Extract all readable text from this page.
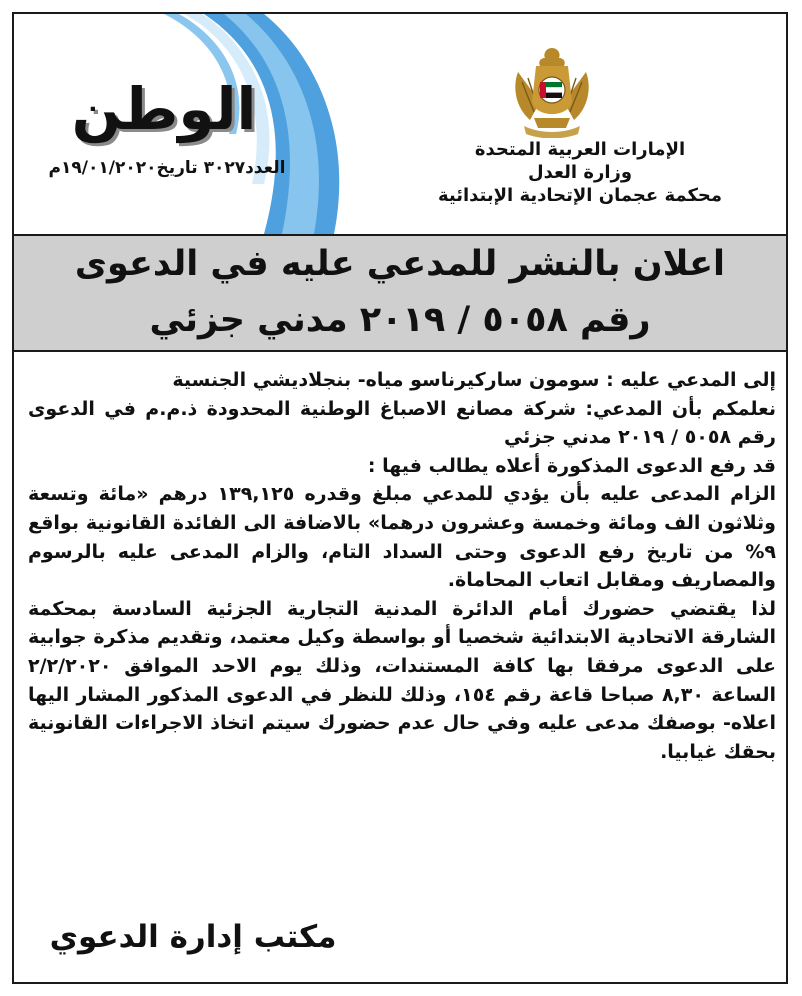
الوطن
العدد٣٠٢٧ تاريخ١٩/٠١/٢٠٢٠م
الإمارات العربية المتحدة
وزارة العدل
محكمة عجمان الإتحادية الإبتدائية
اعلان بالنشر للمدعي عليه في الدعوى
رقم ٥٠٥٨ / ٢٠١٩ مدني جزئي

إلى المدعي عليه : سومون ساركيرناسو مياه- بنجلاديشي الجنسية

نعلمكم بأن المدعي: شركة مصانع الاصباغ الوطنية المحدودة ذ.م.م في الدعوى رقم ٥٠٥٨ / ٢٠١٩ مدني جزئي

قد رفع الدعوى المذكورة أعلاه يطالب فيها :

الزام المدعى عليه بأن يؤدي للمدعي مبلغ وقدره ١٣٩,١٢٥ درهم «مائة وتسعة وثلاثون الف ومائة وخمسة وعشرون درهما» بالاضافة الى الفائدة القانونية بواقع ٩% من تاريخ رفع الدعوى وحتى السداد التام، والزام المدعى عليه بالرسوم والمصاريف ومقابل اتعاب المحاماة.

لذا يقتضي حضورك أمام الدائرة المدنية التجارية الجزئية السادسة بمحكمة الشارقة الاتحادية الابتدائية شخصيا أو بواسطة وكيل معتمد، وتقديم مذكرة جوابية على الدعوى مرفقا بها كافة المستندات، وذلك يوم الاحد الموافق ٢/٢/٢٠٢٠ الساعة ٨,٣٠ صباحا قاعة رقم ١٥٤، وذلك للنظر في الدعوى المذكور المشار اليها اعلاه- بوصفك مدعى عليه وفي حال عدم حضورك سيتم اتخاذ الاجراءات القانونية بحقك غيابيا.

مكتب إدارة الدعوي
